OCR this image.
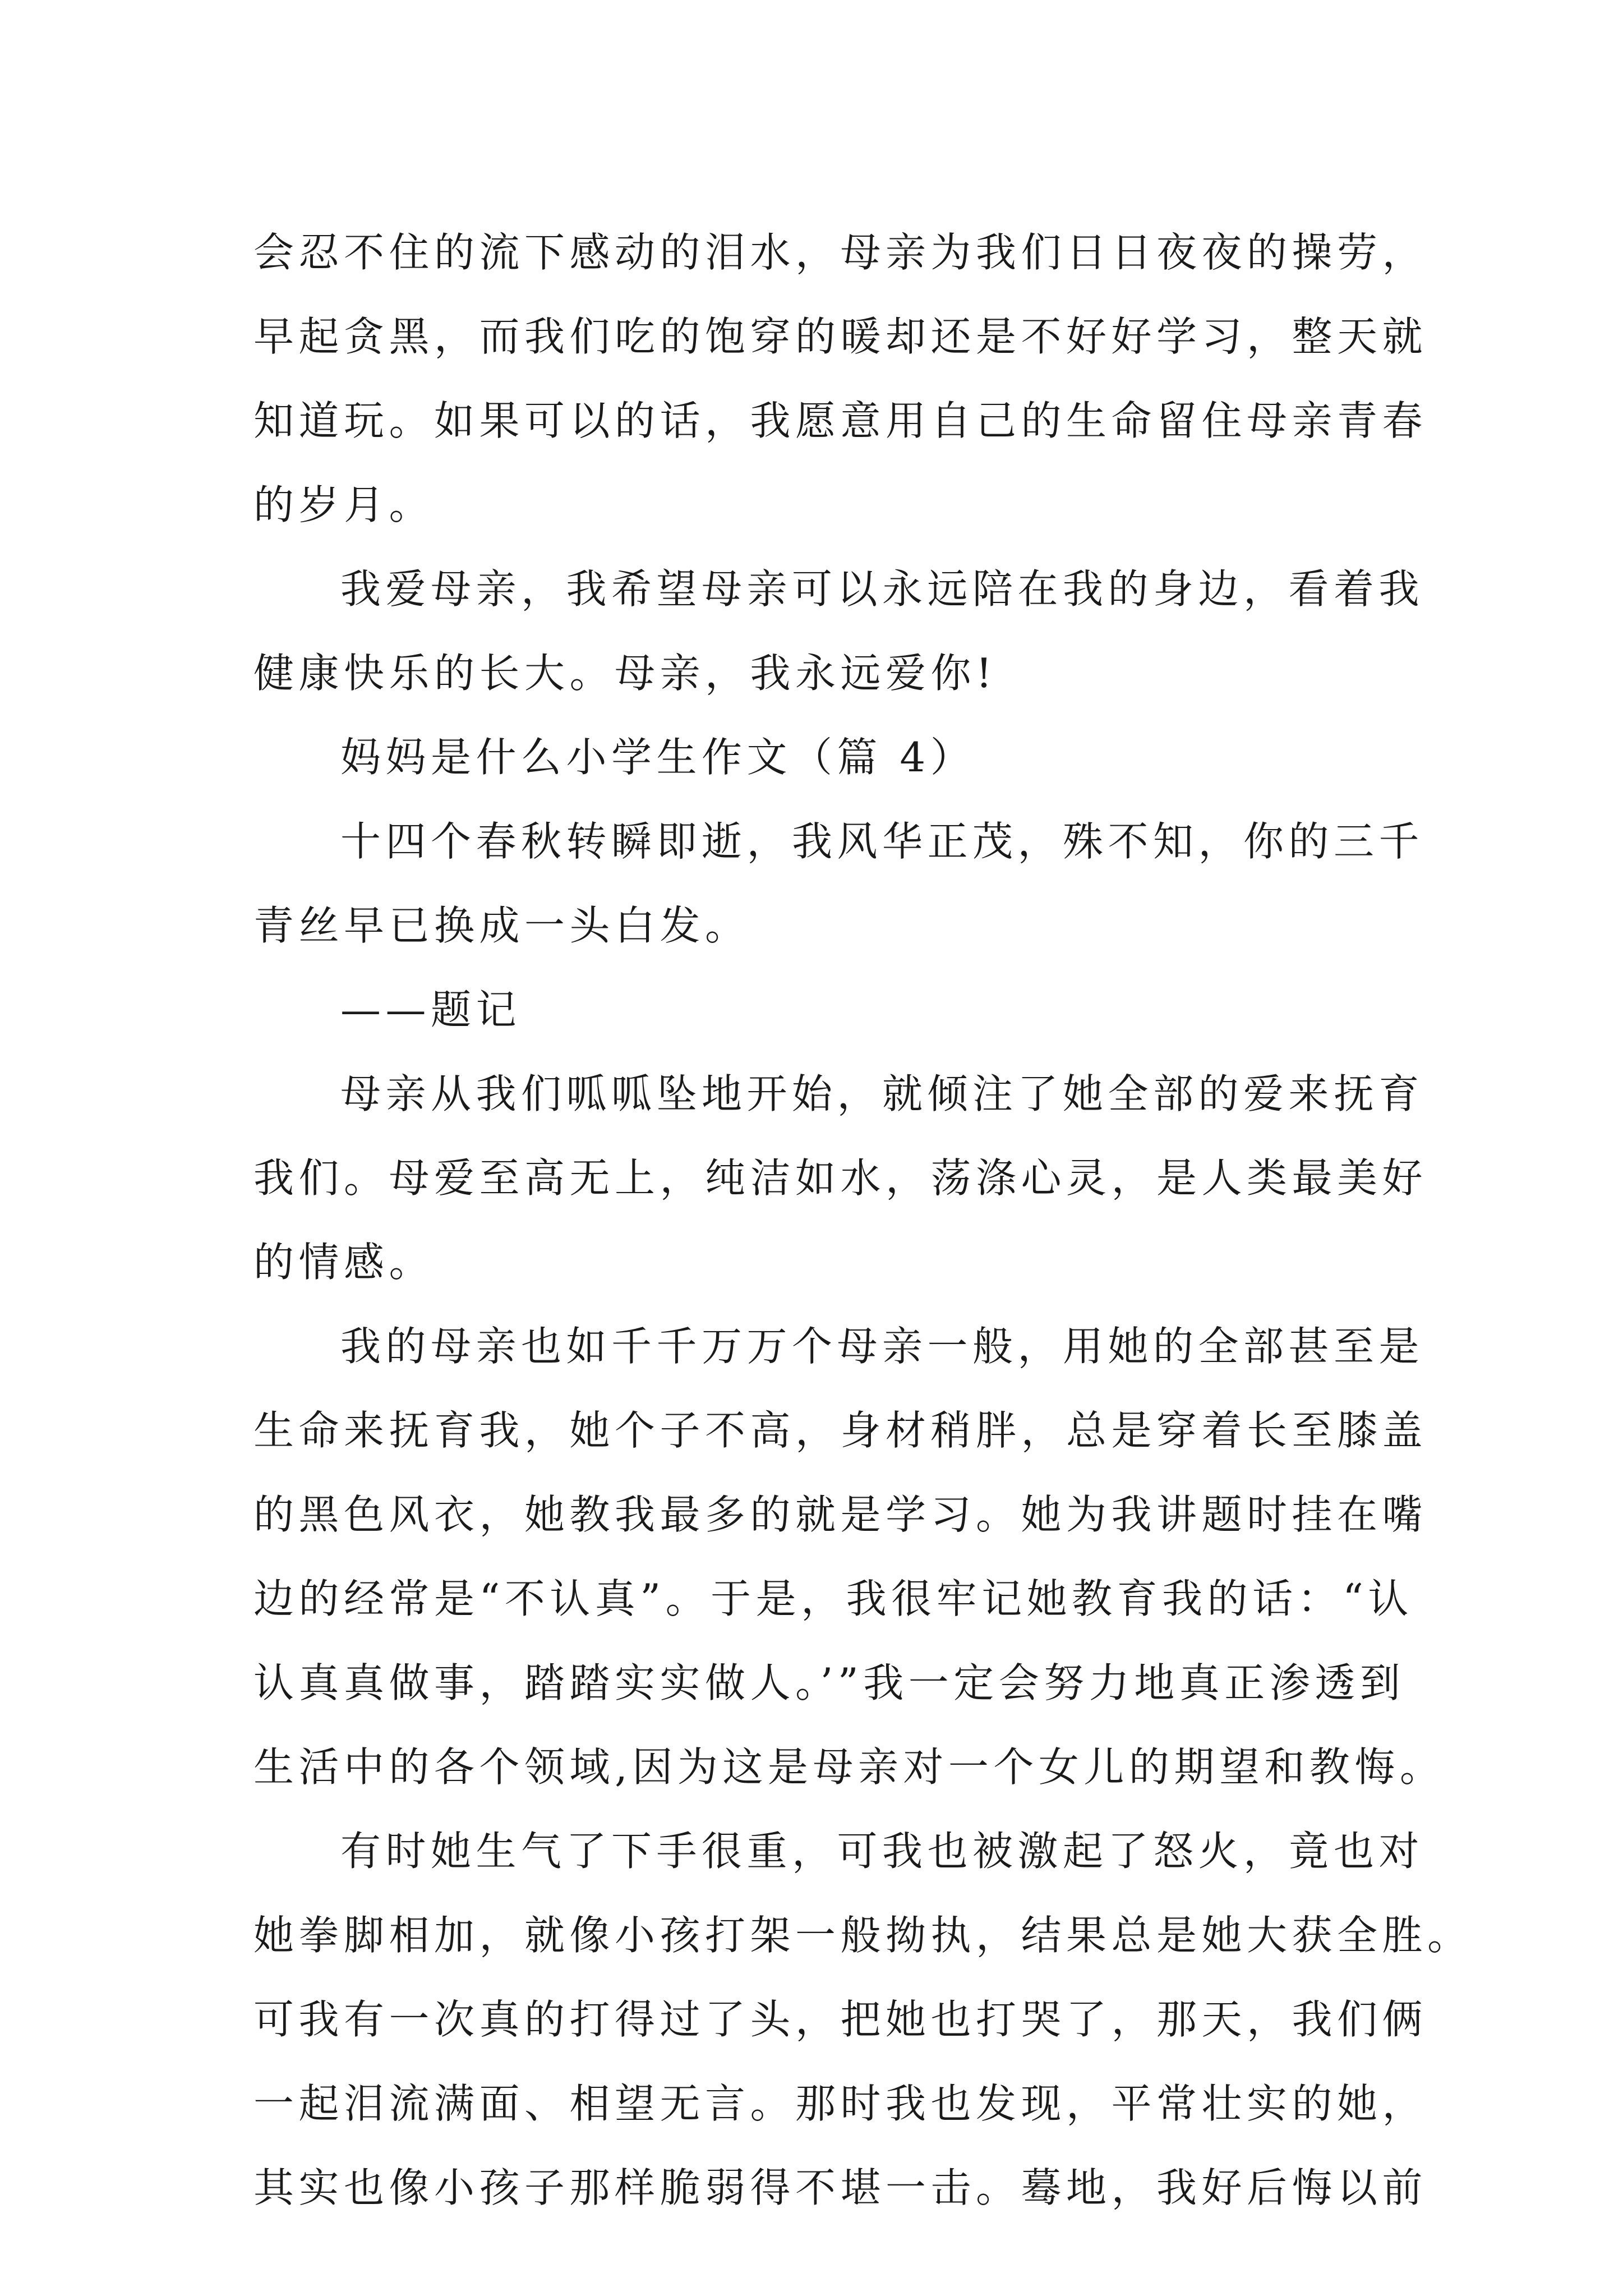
会忍不住的流下感动的泪水，母亲为我们日日夜夜的操劳，
早起贪黑，而我们吃的饱穿的暖却还是不好好学习，整天就
知道玩。如果可以的话，我愿意用自己的生命留住母亲青春
的岁月。
我爱母亲，我希望母亲可以永远陪在我的身边，看着我
健康快乐的长大。母亲，我永远爱你!
妈妈是什么小学生作文（篇 4）
十四个春秋转瞬即逝，我风华正茂，殊不知，你的三千
青丝早已换成一头白发。
——题记
母亲从我们呱呱坠地开始，就倾注了她全部的爱来抚育
我们。母爱至高无上，纯洁如水，荡涤心灵，是人类最美好
的情感。
我的母亲也如千千万万个母亲一般，用她的全部甚至是
生命来抚育我，她个子不高，身材稍胖，总是穿着长至膝盖
的黑色风衣，她教我最多的就是学习。她为我讲题时挂在嘴
边的经常是“不认真”。于是，我很牢记她教育我的话：“认
认真真做事，踏踏实实做人。’”我一定会努力地真正渗透到
生活中的各个领域,因为这是母亲对一个女儿的期望和教悔。
有时她生气了下手很重，可我也被激起了怒火，竟也对
她拳脚相加，就像小孩打架一般拗执，结果总是她大获全胜。
可我有一次真的打得过了头，把她也打哭了，那天，我们俩
一起泪流满面、相望无言。那时我也发现，平常壮实的她，
其实也像小孩子那样脆弱得不堪一击。蓦地，我好后悔以前
